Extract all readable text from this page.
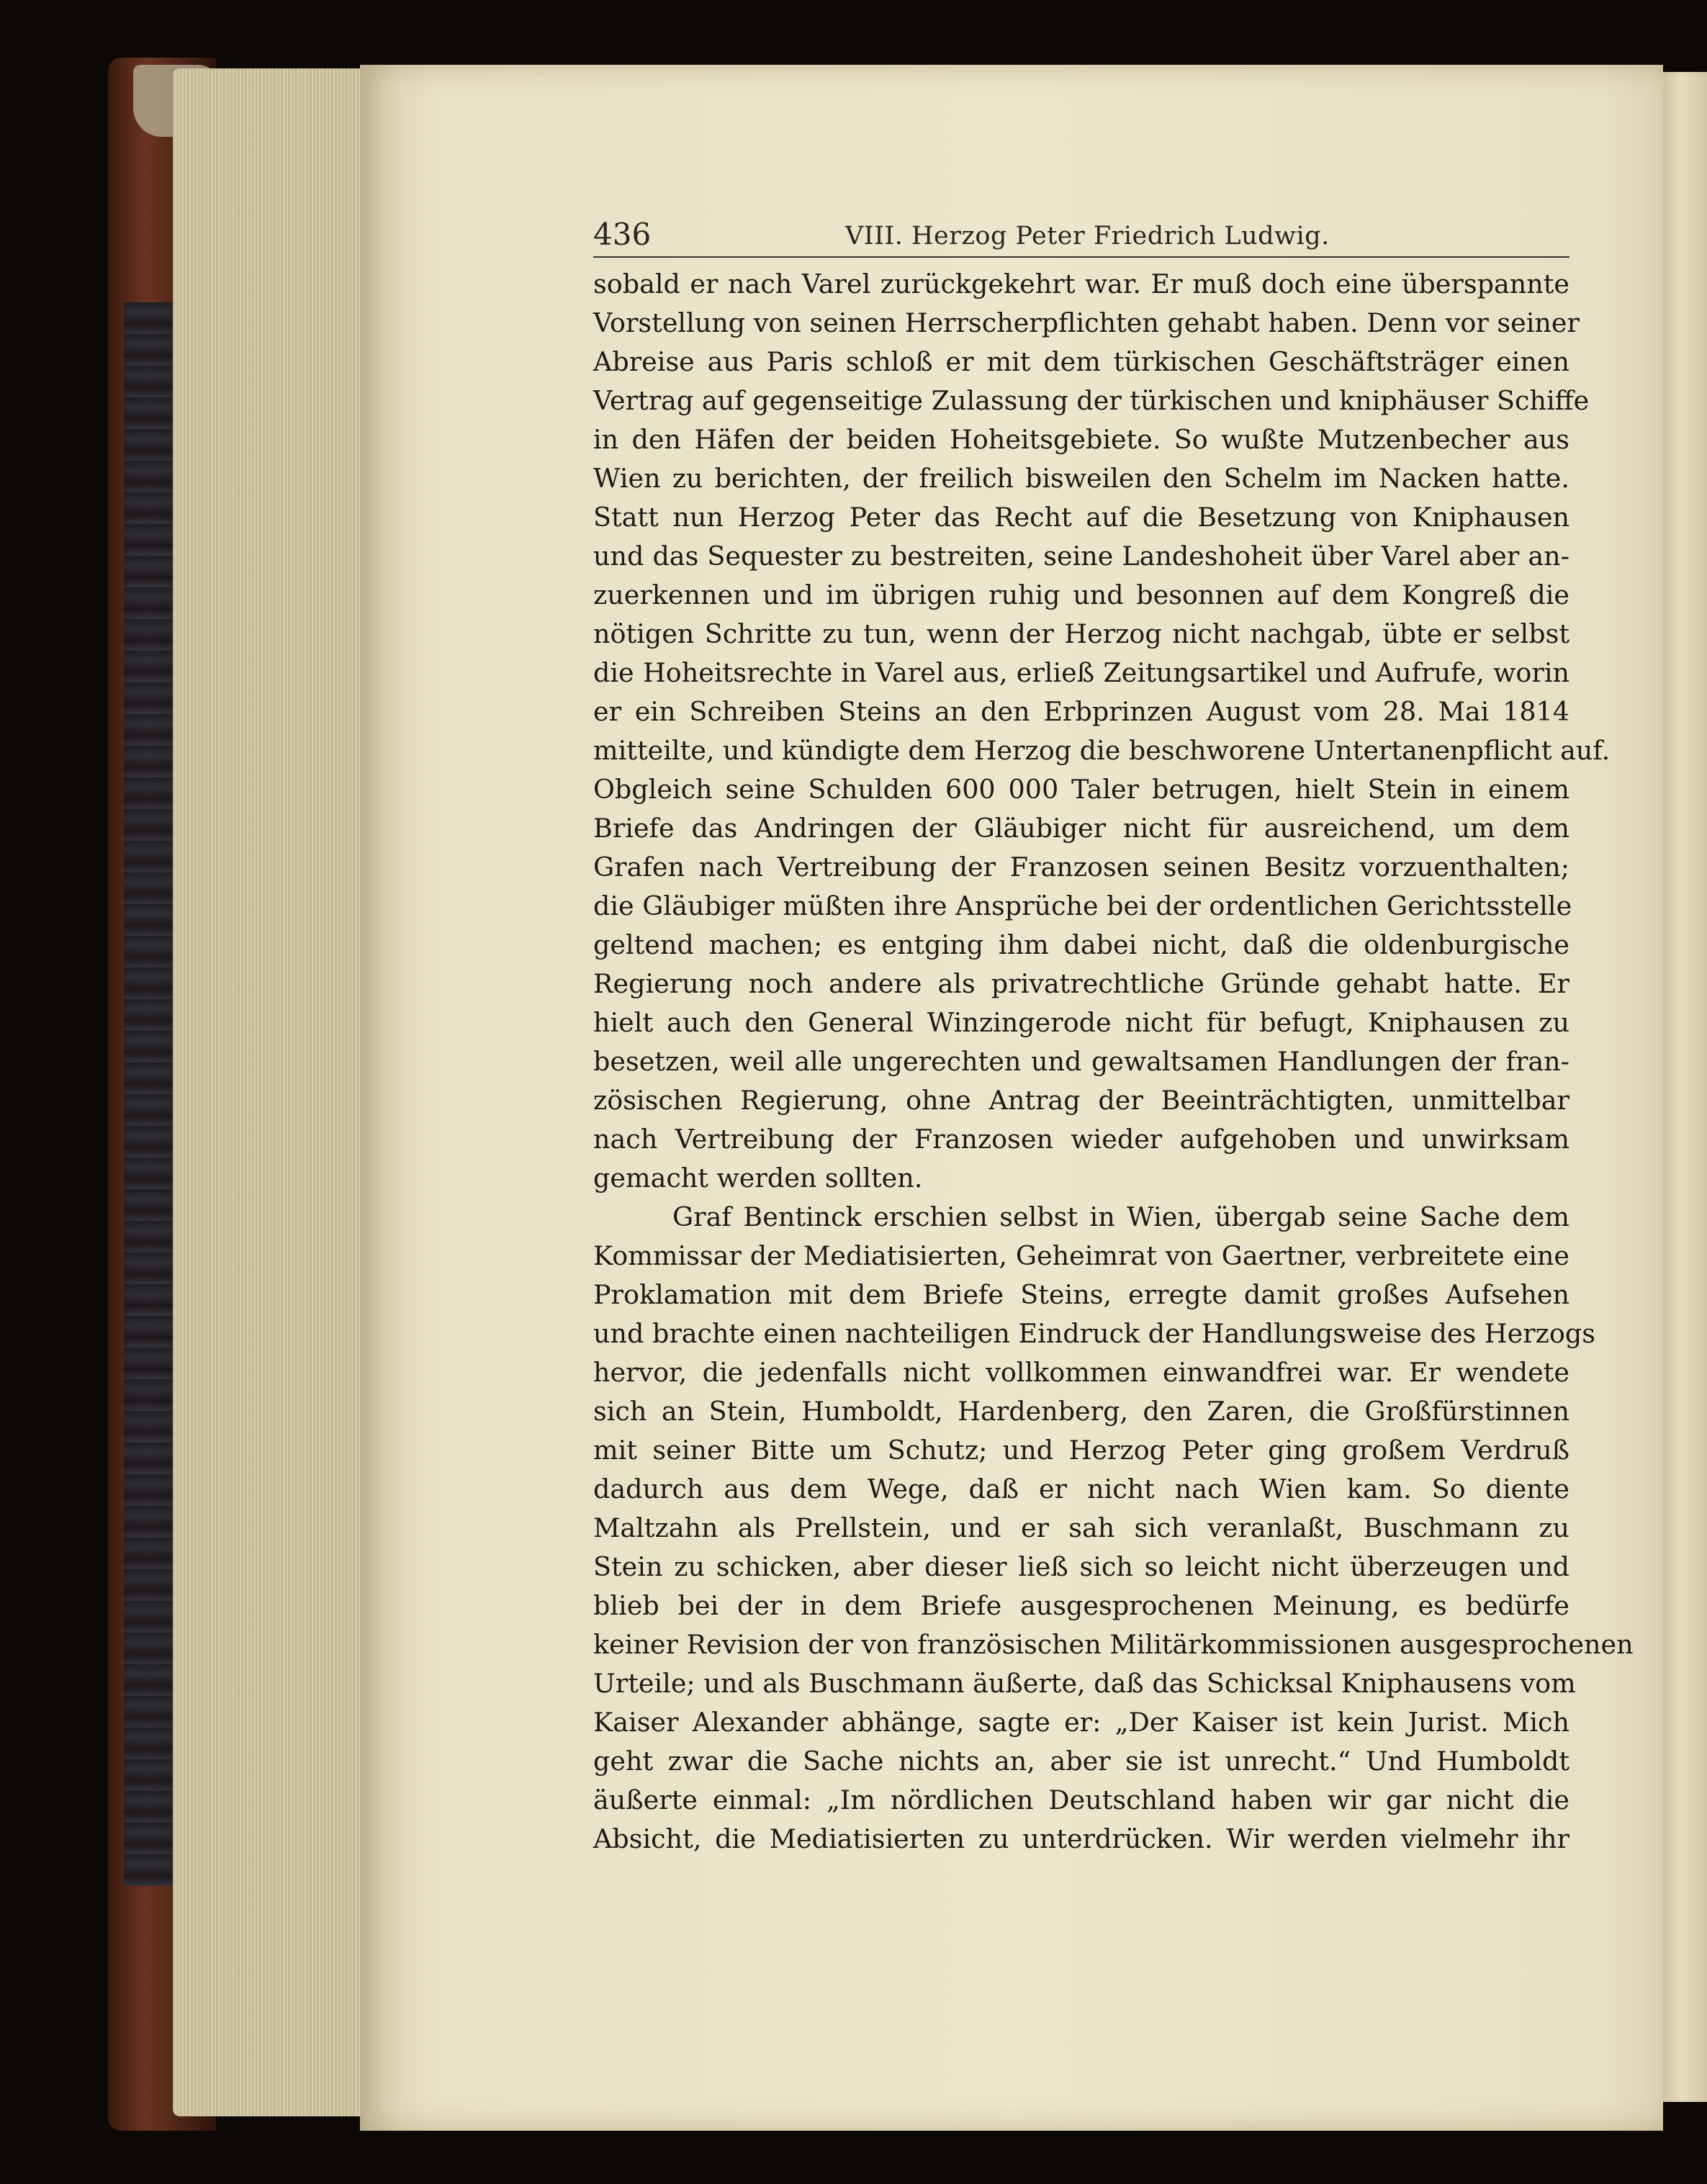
436	VIII. Herzog Peter Friedrich Ludwig.
sobald er nach Varel zurückgekehrt war. Er muß doch eine überspannte
Vorstellung von seinen Herrscherpflichten gehabt haben. Denn vor seiner
Abreise aus Paris schloß er mit dem türkischen Geschäftsträger einen
Vertrag auf gegenseitige Zulassung der türkischen und kniphäuser Schiffe
in den Häfen der beiden Hoheitsgebiete. So wußte Mutzenbecher aus
Wien zu berichten, der freilich bisweilen den Schelm im Nacken hatte.
Statt nun Herzog Peter das Recht auf die Besetzung von Kniphausen
und das Sequester zu bestreiten, seine Landeshoheit über Varel aber an-
zuerkennen und im übrigen ruhig und besonnen auf dem Kongreß die
nötigen Schritte zu tun, wenn der Herzog nicht nachgab, übte er selbst
die Hoheitsrechte in Varel aus, erließ Zeitungsartikel und Aufrufe, worin
er ein Schreiben Steins an den Erbprinzen August vom 28. Mai 1814
mitteilte, und kündigte dem Herzog die beschworene Untertanenpflicht auf.
Obgleich seine Schulden 600 000 Taler betrugen, hielt Stein in einem
Briefe das Andringen der Gläubiger nicht für ausreichend, um dem
Grafen nach Vertreibung der Franzosen seinen Besitz vorzuenthalten;
die Gläubiger müßten ihre Ansprüche bei der ordentlichen Gerichtsstelle
geltend machen; es entging ihm dabei nicht, daß die oldenburgische
Regierung noch andere als privatrechtliche Gründe gehabt hatte. Er
hielt auch den General Winzingerode nicht für befugt, Kniphausen zu
besetzen, weil alle ungerechten und gewaltsamen Handlungen der fran-
zösischen Regierung, ohne Antrag der Beeinträchtigten, unmittelbar
nach Vertreibung der Franzosen wieder aufgehoben und unwirksam
gemacht werden sollten.
Graf Bentinck erschien selbst in Wien, übergab seine Sache dem
Kommissar der Mediatisierten, Geheimrat von Gaertner, verbreitete eine
Proklamation mit dem Briefe Steins, erregte damit großes Aufsehen
und brachte einen nachteiligen Eindruck der Handlungsweise des Herzogs
hervor, die jedenfalls nicht vollkommen einwandfrei war. Er wendete
sich an Stein, Humboldt, Hardenberg, den Zaren, die Großfürstinnen
mit seiner Bitte um Schutz; und Herzog Peter ging großem Verdruß
dadurch aus dem Wege, daß er nicht nach Wien kam. So diente
Maltzahn als Prellstein, und er sah sich veranlaßt, Buschmann zu
Stein zu schicken, aber dieser ließ sich so leicht nicht überzeugen und
blieb bei der in dem Briefe ausgesprochenen Meinung, es bedürfe
keiner Revision der von französischen Militärkommissionen ausgesprochenen
Urteile; und als Buschmann äußerte, daß das Schicksal Kniphausens vom
Kaiser Alexander abhänge, sagte er: „Der Kaiser ist kein Jurist. Mich
geht zwar die Sache nichts an, aber sie ist unrecht.“ Und Humboldt
äußerte einmal: „Im nördlichen Deutschland haben wir gar nicht die
Absicht, die Mediatisierten zu unterdrücken. Wir werden vielmehr ihr
